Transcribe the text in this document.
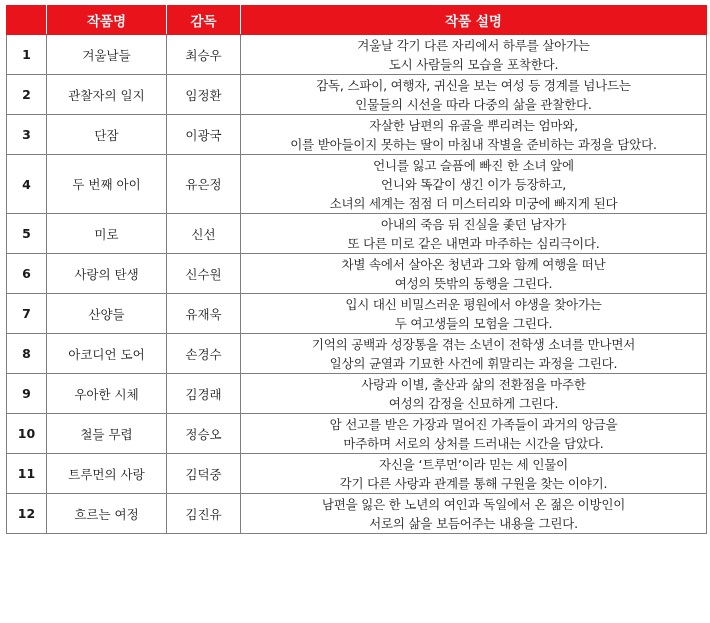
	작품명	감독	작품 설명
1	겨울날들	최승우	겨울날 각기 다른 자리에서 하루를 살아가는
도시 사람들의 모습을 포착한다.

2	관찰자의 일지	임정환	감독, 스파이, 여행자, 귀신을 보는 여성 등 경계를 넘나드는
인물들의 시선을 따라 다중의 삶을 관찰한다.

3	단잠	이광국	자살한 남편의 유골을 뿌리려는 엄마와,
이를 받아들이지 못하는 딸이 마침내 작별을 준비하는 과정을 담았다.

4	두 번째 아이	유은정	언니를 잃고 슬픔에 빠진 한 소녀 앞에
언니와 똑같이 생긴 이가 등장하고,
소녀의 세계는 점점 더 미스터리와 미궁에 빠지게 된다

5	미로	신선	아내의 죽음 뒤 진실을 좇던 남자가
또 다른 미로 같은 내면과 마주하는 심리극이다.

6	사랑의 탄생	신수원	차별 속에서 살아온 청년과 그와 함께 여행을 떠난
여성의 뜻밖의 동행을 그린다.

7	산양들	유재욱	입시 대신 비밀스러운 평원에서 야생을 찾아가는
두 여고생들의 모험을 그린다.

8	아코디언 도어	손경수	기억의 공백과 성장통을 겪는 소년이 전학생 소녀를 만나면서
일상의 균열과 기묘한 사건에 휘말리는 과정을 그린다.

9	우아한 시체	김경래	사랑과 이별, 출산과 삶의 전환점을 마주한
여성의 감정을 신묘하게 그린다.

10	철들 무렵	정승오	암 선고를 받은 가장과 멀어진 가족들이 과거의 앙금을
마주하며 서로의 상처를 드러내는 시간을 담았다.

11	트루먼의 사랑	김덕중	자신을 ‘트루먼’이라 믿는 세 인물이
각기 다른 사랑과 관계를 통해 구원을 찾는 이야기.

12	흐르는 여정	김진유	남편을 잃은 한 노년의 여인과 독일에서 온 젊은 이방인이
서로의 삶을 보듬어주는 내용을 그린다.
